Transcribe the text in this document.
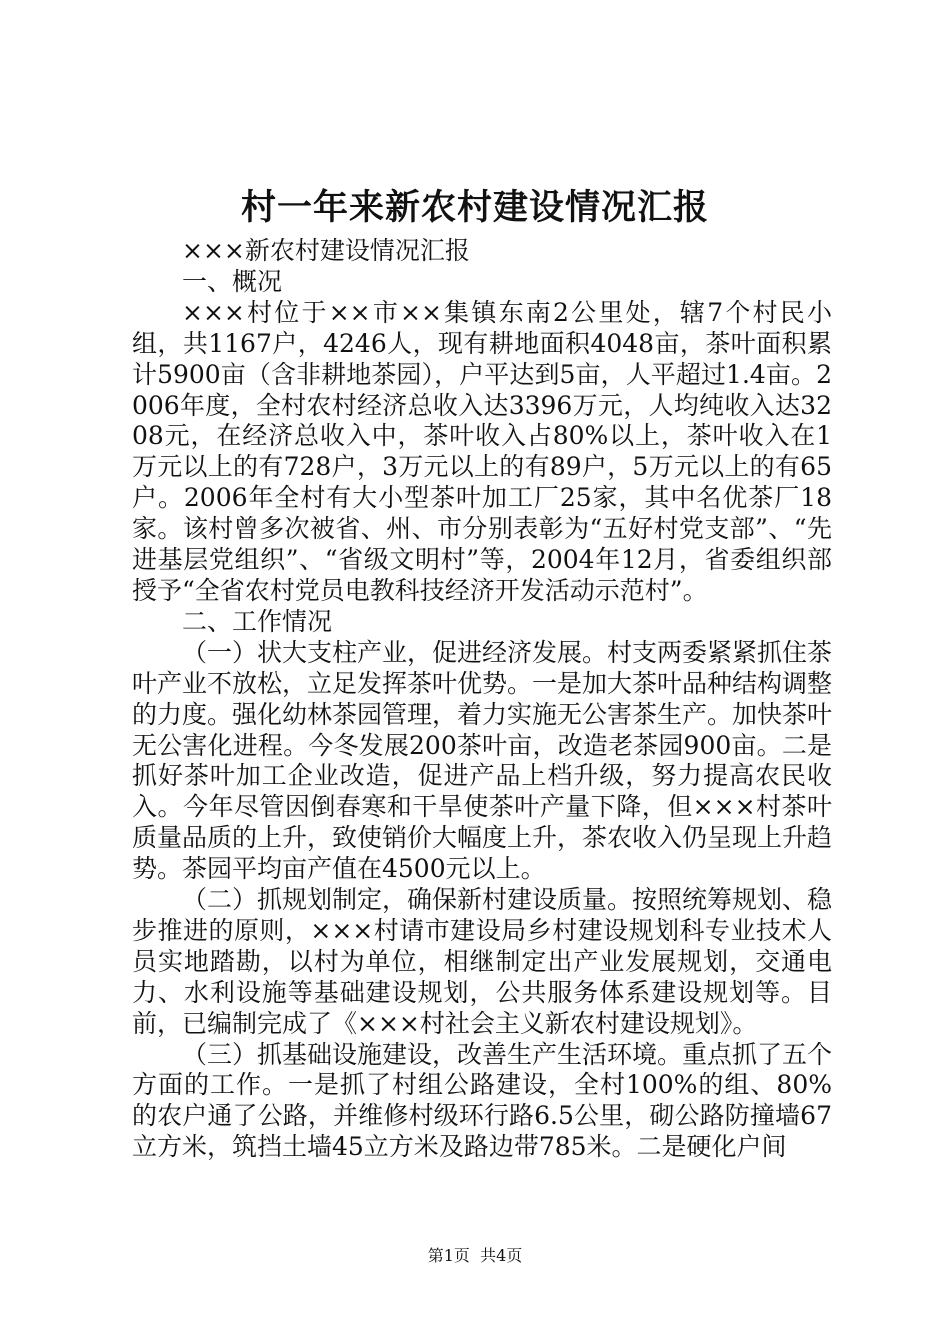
村一年来新农村建设情况汇报

×××新农村建设情况汇报

一、概况

×××村位于××市××集镇东南2公里处，辖7个村民小组，共1167户，4246人，现有耕地面积4048亩，茶叶面积累计5900亩（含非耕地茶园），户平达到5亩，人平超过1.4亩。2006年度，全村农村经济总收入达3396万元，人均纯收入达3208元，在经济总收入中，茶叶收入占80%以上，茶叶收入在1万元以上的有728户，3万元以上的有89户，5万元以上的有65户。2006年全村有大小型茶叶加工厂25家，其中名优茶厂18家。该村曾多次被省、州、市分别表彰为“五好村党支部”、“先进基层党组织”、“省级文明村”等，2004年12月，省委组织部授予“全省农村党员电教科技经济开发活动示范村”。

二、工作情况

（一）状大支柱产业，促进经济发展。村支两委紧紧抓住茶叶产业不放松，立足发挥茶叶优势。一是加大茶叶品种结构调整的力度。强化幼林茶园管理，着力实施无公害茶生产。加快茶叶无公害化进程。今冬发展200茶叶亩，改造老茶园900亩。二是抓好茶叶加工企业改造，促进产品上档升级，努力提高农民收入。今年尽管因倒春寒和干旱使茶叶产量下降，但×××村茶叶质量品质的上升，致使销价大幅度上升，茶农收入仍呈现上升趋势。茶园平均亩产值在4500元以上。

（二）抓规划制定，确保新村建设质量。按照统筹规划、稳步推进的原则，×××村请市建设局乡村建设规划科专业技术人员实地踏勘，以村为单位，相继制定出产业发展规划，交通电力、水利设施等基础建设规划，公共服务体系建设规划等。目前，已编制完成了《×××村社会主义新农村建设规划》。

（三）抓基础设施建设，改善生产生活环境。重点抓了五个方面的工作。一是抓了村组公路建设，全村100%的组、80%的农户通了公路，并维修村级环行路6.5公里，砌公路防撞墙67立方米，筑挡土墙45立方米及路边带785米。二是硬化户间

第1页 共4页
